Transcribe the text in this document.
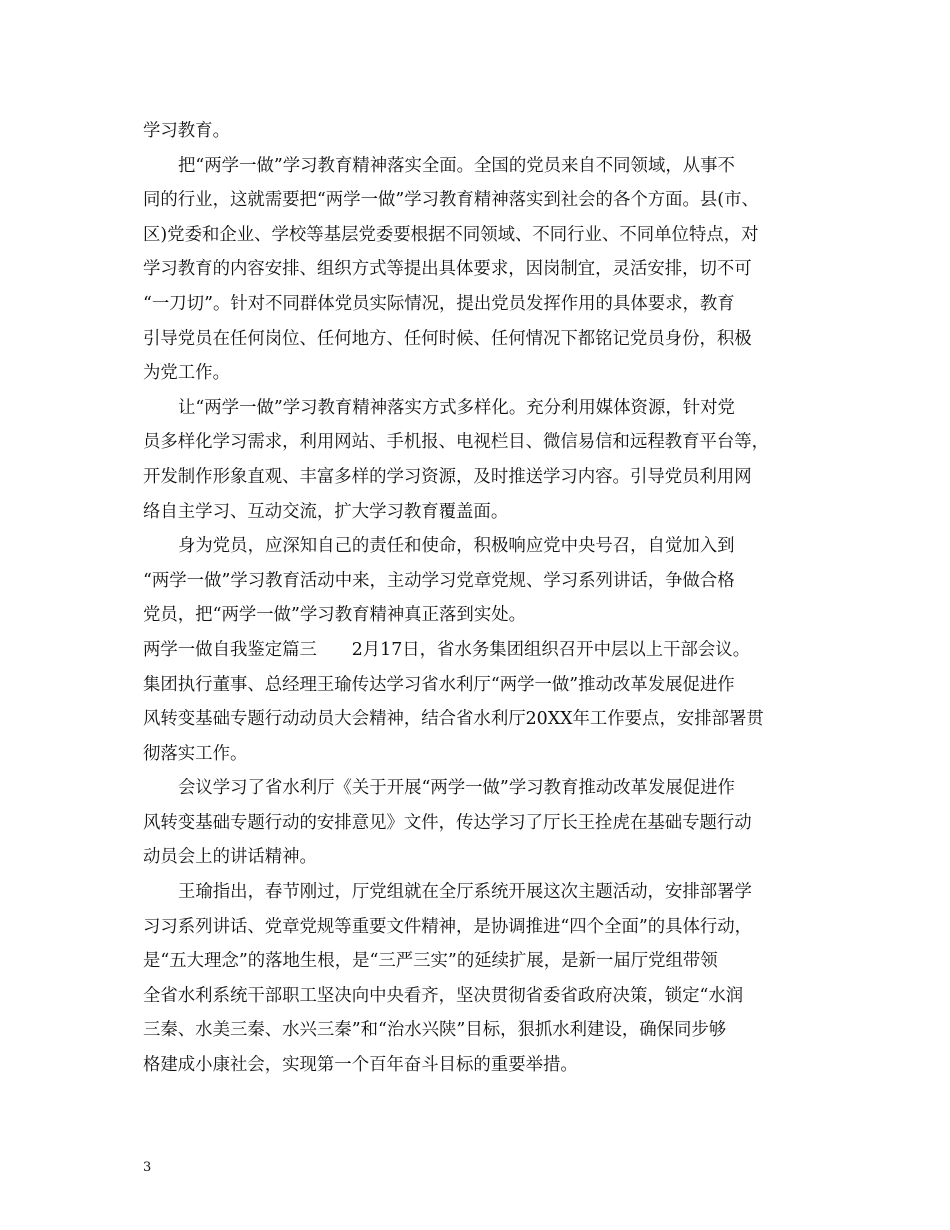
学习教育。
把“两学一做”学习教育精神落实全面。全国的党员来自不同领域，从事不
同的行业，这就需要把“两学一做”学习教育精神落实到社会的各个方面。县(市、
区)党委和企业、学校等基层党委要根据不同领域、不同行业、不同单位特点，对
学习教育的内容安排、组织方式等提出具体要求，因岗制宜，灵活安排，切不可
“一刀切”。针对不同群体党员实际情况，提出党员发挥作用的具体要求，教育
引导党员在任何岗位、任何地方、任何时候、任何情况下都铭记党员身份，积极
为党工作。
让“两学一做”学习教育精神落实方式多样化。充分利用媒体资源，针对党
员多样化学习需求，利用网站、手机报、电视栏目、微信易信和远程教育平台等，
开发制作形象直观、丰富多样的学习资源，及时推送学习内容。引导党员利用网
络自主学习、互动交流，扩大学习教育覆盖面。
身为党员，应深知自己的责任和使命，积极响应党中央号召，自觉加入到
“两学一做”学习教育活动中来，主动学习党章党规、学习系列讲话，争做合格
党员，把“两学一做”学习教育精神真正落到实处。
两学一做自我鉴定篇三　　2月17日，省水务集团组织召开中层以上干部会议。
集团执行董事、总经理王瑜传达学习省水利厅“两学一做”推动改革发展促进作
风转变基础专题行动动员大会精神，结合省水利厅20XX年工作要点，安排部署贯
彻落实工作。
会议学习了省水利厅《关于开展“两学一做”学习教育推动改革发展促进作
风转变基础专题行动的安排意见》文件，传达学习了厅长王拴虎在基础专题行动
动员会上的讲话精神。
王瑜指出，春节刚过，厅党组就在全厅系统开展这次主题活动，安排部署学
习习系列讲话、党章党规等重要文件精神，是协调推进“四个全面”的具体行动，
是“五大理念”的落地生根，是“三严三实”的延续扩展，是新一届厅党组带领
全省水利系统干部职工坚决向中央看齐，坚决贯彻省委省政府决策，锁定“水润
三秦、水美三秦、水兴三秦”和“治水兴陕”目标，狠抓水利建设，确保同步够
格建成小康社会，实现第一个百年奋斗目标的重要举措。
3
